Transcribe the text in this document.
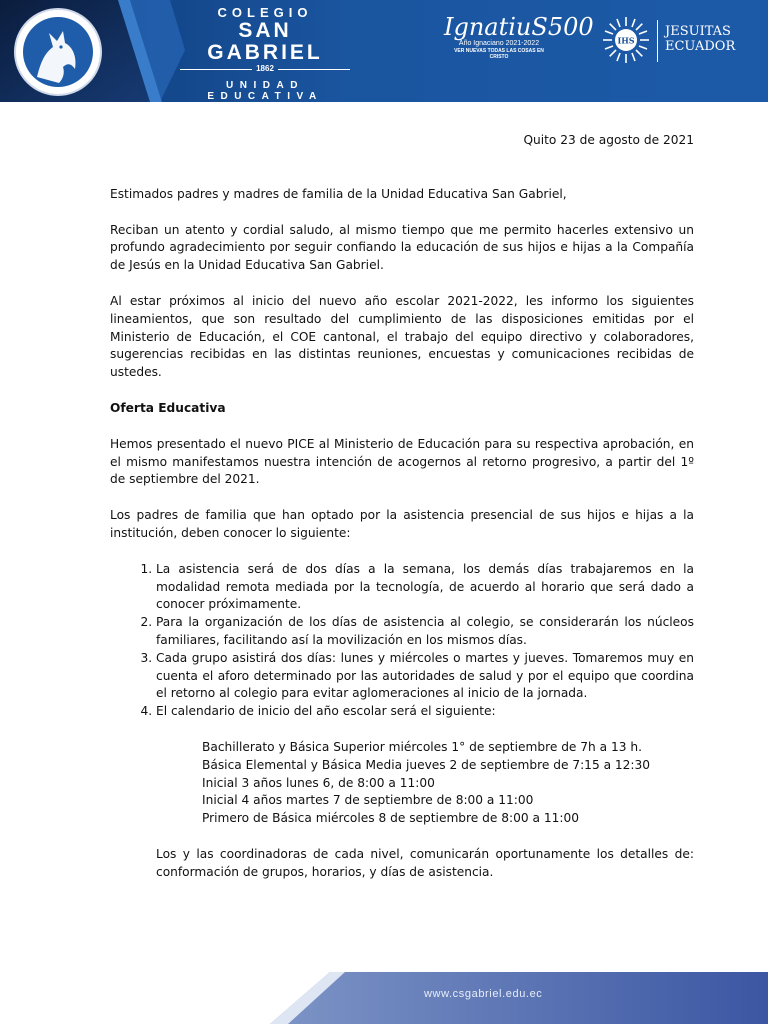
COLEGIO
SAN GABRIEL
1862
UNIDAD EDUCATIVA
IgnatiuS500
Año Ignaciano 2021-2022
VER NUEVAS TODAS LAS COSAS EN CRISTO
IHS
JESUITAS
ECUADOR

Quito 23 de agosto de 2021

Estimados padres y madres de familia de la Unidad Educativa San Gabriel,

Reciban un atento y cordial saludo, al mismo tiempo que me permito hacerles extensivo un profundo agradecimiento por seguir confiando la educación de sus hijos e hijas a la Compañía de Jesús en la Unidad Educativa San Gabriel.

Al estar próximos al inicio del nuevo año escolar 2021-2022, les informo los siguientes lineamientos, que son resultado del cumplimiento de las disposiciones emitidas por el Ministerio de Educación, el COE cantonal, el trabajo del equipo directivo y colaboradores, sugerencias recibidas en las distintas reuniones, encuestas y comunicaciones recibidas de ustedes.

Oferta Educativa

Hemos presentado el nuevo PICE al Ministerio de Educación para su respectiva aprobación, en el mismo manifestamos nuestra intención de acogernos al retorno progresivo, a partir del 1º de septiembre del 2021.

Los padres de familia que han optado por la asistencia presencial de sus hijos e hijas a la institución, deben conocer lo siguiente:

1. La asistencia será de dos días a la semana, los demás días trabajaremos en la modalidad remota mediada por la tecnología, de acuerdo al horario que será dado a conocer próximamente.
2. Para la organización de los días de asistencia al colegio, se considerarán los núcleos familiares, facilitando así la movilización en los mismos días.
3. Cada grupo asistirá dos días: lunes y miércoles o martes y jueves. Tomaremos muy en cuenta el aforo determinado por las autoridades de salud y por el equipo que coordina el retorno al colegio para evitar aglomeraciones al inicio de la jornada.
4. El calendario de inicio del año escolar será el siguiente:
Bachillerato y Básica Superior miércoles 1° de septiembre de 7h a 13 h.
Básica Elemental y Básica Media jueves 2 de septiembre de 7:15 a 12:30
Inicial 3 años lunes 6, de 8:00 a 11:00
Inicial 4 años martes 7 de septiembre de 8:00 a 11:00
Primero de Básica miércoles 8 de septiembre de 8:00 a 11:00

Los y las coordinadoras de cada nivel, comunicarán oportunamente los detalles de: conformación de grupos, horarios, y días de asistencia.

www.csgabriel.edu.ec
